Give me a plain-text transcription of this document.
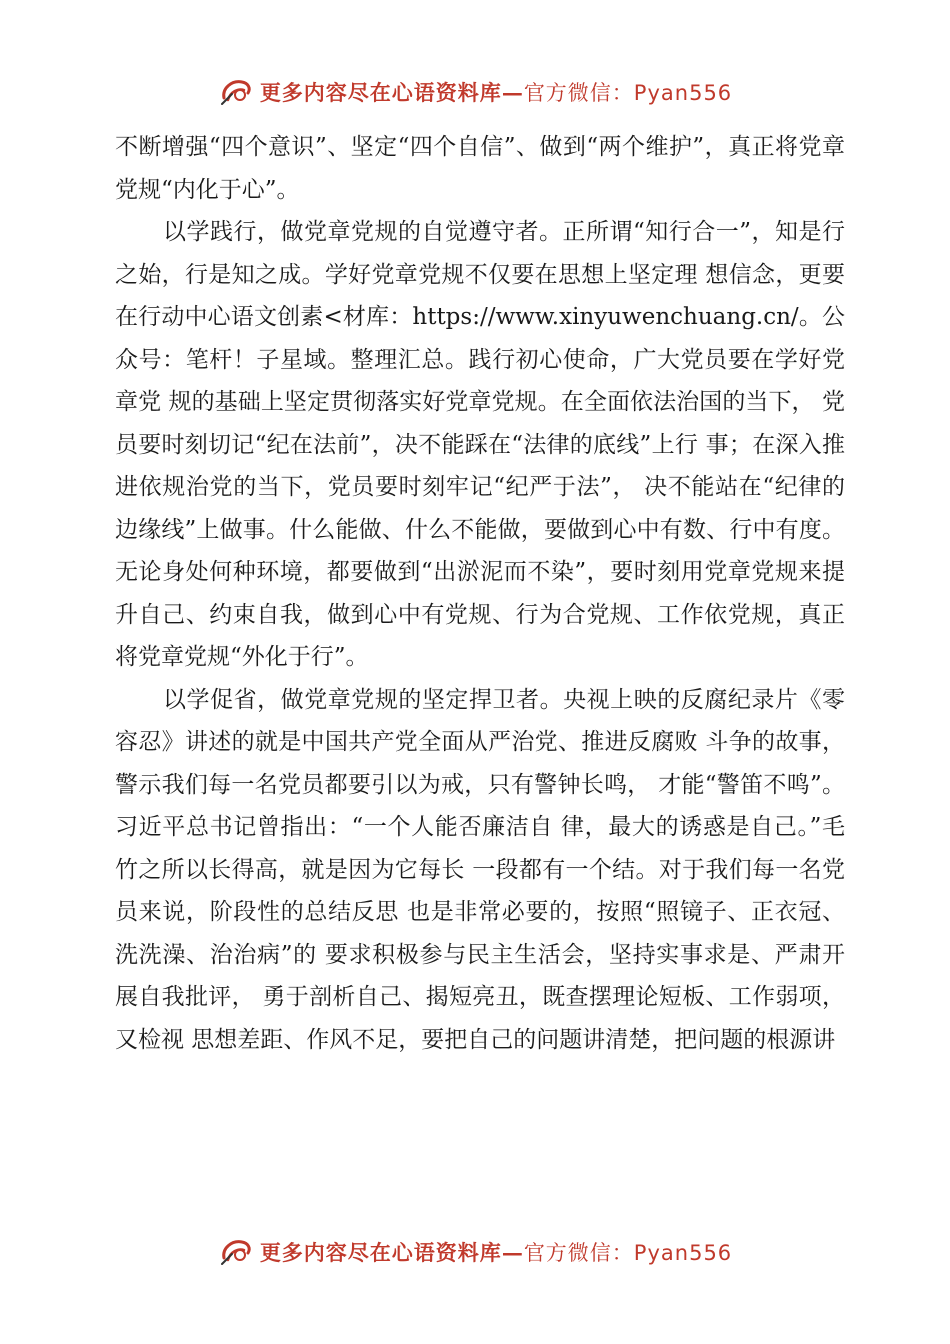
更多内容尽在心语资料库—官方微信：Pyan556

不断增强“四个意识”、坚定“四个自信”、做到“两个维护”，真正将党章党规“内化于心”。

以学践行，做党章党规的自觉遵守者。正所谓“知行合一”，知是行之始，行是知之成。学好党章党规不仅要在思想上坚定理 想信念，更要在行动中心语文创素<材库：https://www.xinyuwenchuang.cn/。公众号：笔杆！子星域。整理汇总。践行初心使命，广大党员要在学好党章党 规的基础上坚定贯彻落实好党章党规。在全面依法治国的当下， 党员要时刻切记“纪在法前”，决不能踩在“法律的底线”上行 事；在深入推进依规治党的当下，党员要时刻牢记“纪严于法”， 决不能站在“纪律的边缘线”上做事。什么能做、什么不能做，要做到心中有数、行中有度。无论身处何种环境，都要做到“出淤泥而不染”，要时刻用党章党规来提升自己、约束自我，做到心中有党规、行为合党规、工作依党规，真正将党章党规“外化于行”。

以学促省，做党章党规的坚定捍卫者。央视上映的反腐纪录片《零容忍》讲述的就是中国共产党全面从严治党、推进反腐败 斗争的故事，警示我们每一名党员都要引以为戒，只有警钟长鸣， 才能“警笛不鸣”。习近平总书记曾指出：“一个人能否廉洁自 律，最大的诱惑是自己。”毛竹之所以长得高，就是因为它每长 一段都有一个结。对于我们每一名党员来说，阶段性的总结反思 也是非常必要的，按照“照镜子、正衣冠、洗洗澡、治治病”的 要求积极参与民主生活会，坚持实事求是、严肃开展自我批评， 勇于剖析自己、揭短亮丑，既查摆理论短板、工作弱项，又检视 思想差距、作风不足，要把自己的问题讲清楚，把问题的根源讲

更多内容尽在心语资料库—官方微信：Pyan556
